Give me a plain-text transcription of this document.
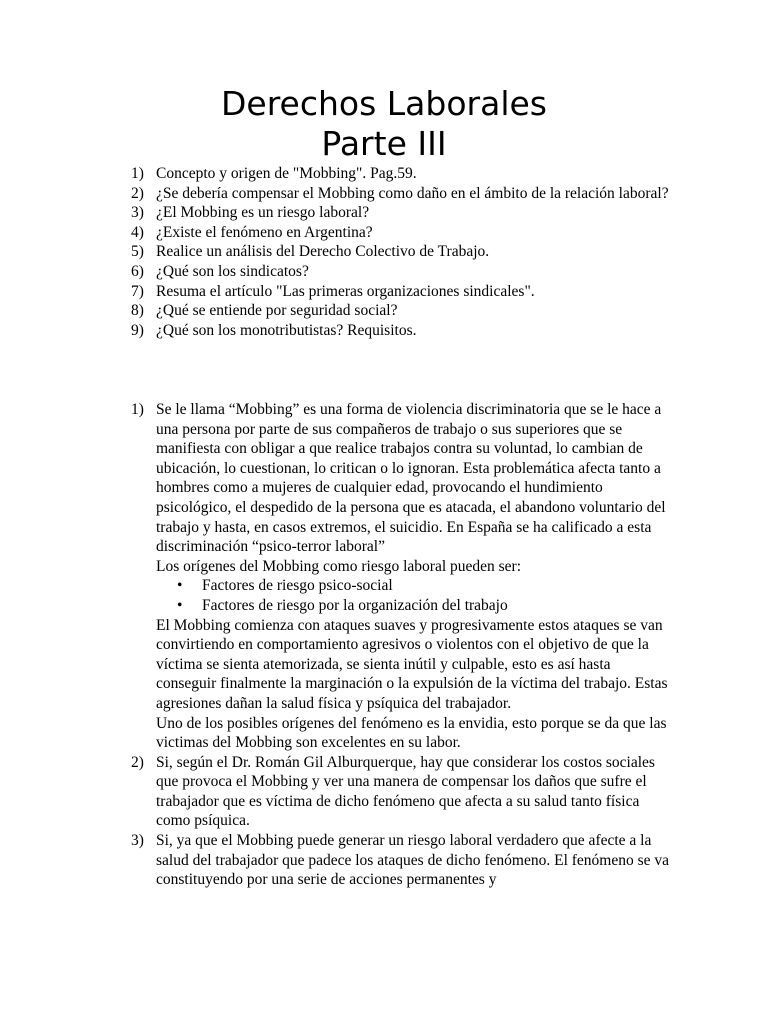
Derechos Laborales
Parte III
1) Concepto y origen de "Mobbing". Pag.59.
2) ¿Se debería compensar el Mobbing como daño en el ámbito de la relación laboral?
3) ¿El Mobbing es un riesgo laboral?
4) ¿Existe el fenómeno en Argentina?
5) Realice un análisis del Derecho Colectivo de Trabajo.
6) ¿Qué son los sindicatos?
7) Resuma el artículo "Las primeras organizaciones sindicales".
8) ¿Qué se entiende por seguridad social?
9) ¿Qué son los monotributistas? Requisitos.
1) Se le llama “Mobbing” es una forma de violencia discriminatoria que se le hace a una persona por parte de sus compañeros de trabajo o sus superiores que se manifiesta con obligar a que realice trabajos contra su voluntad, lo cambian de ubicación, lo cuestionan, lo critican o lo ignoran. Esta problemática afecta tanto a hombres como a mujeres de cualquier edad, provocando el hundimiento psicológico, el despedido de la persona que es atacada, el abandono voluntario del trabajo y hasta, en casos extremos, el suicidio. En España se ha calificado a esta discriminación “psico-terror laboral”

Los orígenes del Mobbing como riesgo laboral pueden ser:

• Factores de riesgo psico-social
• Factores de riesgo por la organización del trabajo

El Mobbing comienza con ataques suaves y progresivamente estos ataques se van convirtiendo en comportamiento agresivos o violentos con el objetivo de que la víctima se sienta atemorizada, se sienta inútil y culpable, esto es así hasta conseguir finalmente la marginación o la expulsión de la víctima del trabajo. Estas agresiones dañan la salud física y psíquica del trabajador.

Uno de los posibles orígenes del fenómeno es la envidia, esto porque se da que las victimas del Mobbing son excelentes en su labor.

2) Si, según el Dr. Román Gil Alburquerque, hay que considerar los costos sociales que provoca el Mobbing y ver una manera de compensar los daños que sufre el trabajador que es víctima de dicho fenómeno que afecta a su salud tanto física como psíquica.

3) Si, ya que el Mobbing puede generar un riesgo laboral verdadero que afecte a la salud del trabajador que padece los ataques de dicho fenómeno. El fenómeno se va constituyendo por una serie de acciones permanentes y
